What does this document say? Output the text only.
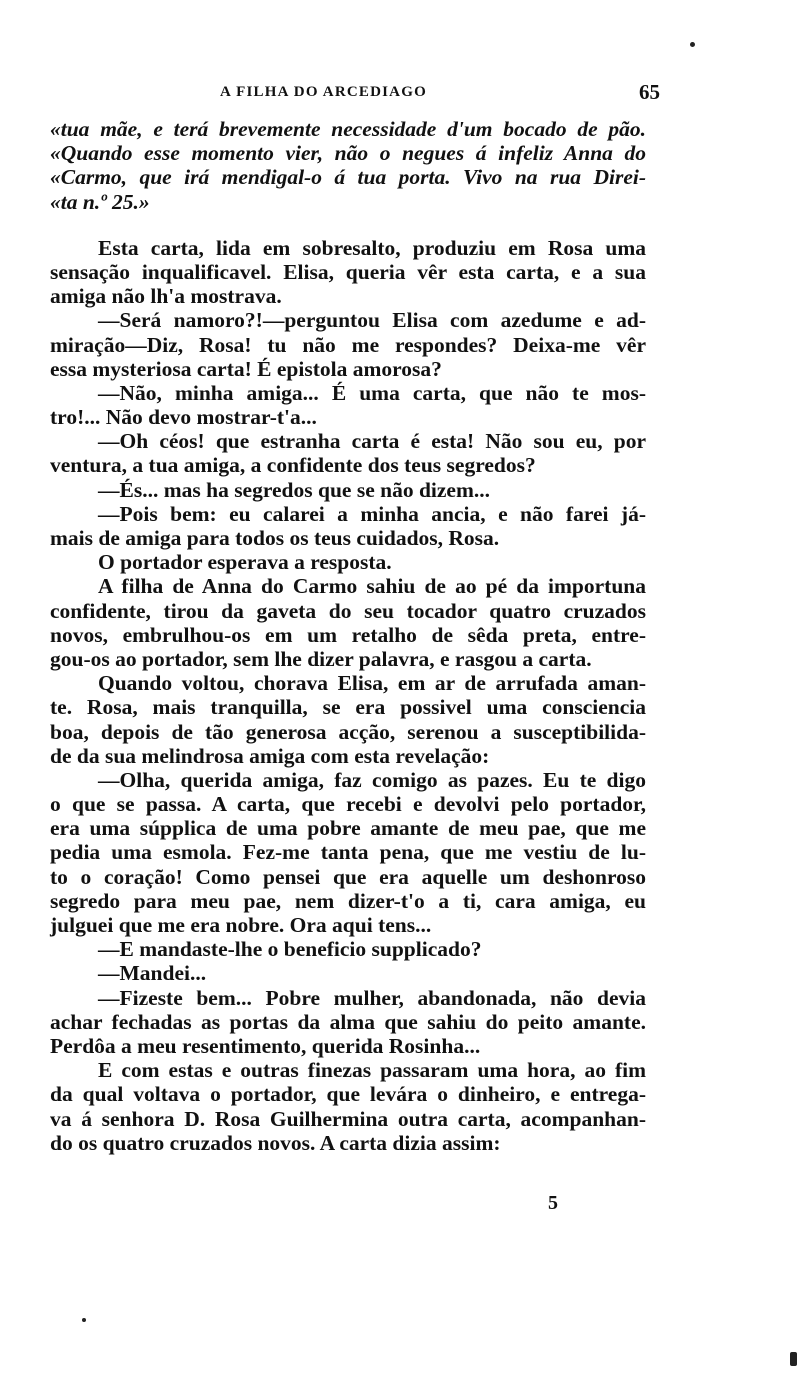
A FILHA DO ARCEDIAGO	65
«tua mãe, e terá brevemente necessidade d'um bocado de pão.
«Quando esse momento vier, não o negues á infeliz Anna do
«Carmo, que irá mendigal-o á tua porta. Vivo na rua Direi-
«ta n.º 25.»
Esta carta, lida em sobresalto, produziu em Rosa uma
sensação inqualificavel. Elisa, queria vêr esta carta, e a sua
amiga não lh'a mostrava.
—Será namoro?!—perguntou Elisa com azedume e ad-
miração—Diz, Rosa! tu não me respondes? Deixa-me vêr
essa mysteriosa carta! É epistola amorosa?
—Não, minha amiga... É uma carta, que não te mos-
tro!... Não devo mostrar-t'a...
—Oh céos! que estranha carta é esta! Não sou eu, por
ventura, a tua amiga, a confidente dos teus segredos?
—És... mas ha segredos que se não dizem...
—Pois bem: eu calarei a minha ancia, e não farei já-
mais de amiga para todos os teus cuidados, Rosa.
O portador esperava a resposta.
A filha de Anna do Carmo sahiu de ao pé da importuna
confidente, tirou da gaveta do seu tocador quatro cruzados
novos, embrulhou-os em um retalho de sêda preta, entre-
gou-os ao portador, sem lhe dizer palavra, e rasgou a carta.
Quando voltou, chorava Elisa, em ar de arrufada aman-
te. Rosa, mais tranquilla, se era possivel uma consciencia
boa, depois de tão generosa acção, serenou a susceptibilida-
de da sua melindrosa amiga com esta revelação:
—Olha, querida amiga, faz comigo as pazes. Eu te digo
o que se passa. A carta, que recebi e devolvi pelo portador,
era uma súpplica de uma pobre amante de meu pae, que me
pedia uma esmola. Fez-me tanta pena, que me vestiu de lu-
to o coração! Como pensei que era aquelle um deshonroso
segredo para meu pae, nem dizer-t'o a ti, cara amiga, eu
julguei que me era nobre. Ora aqui tens...
—E mandaste-lhe o beneficio supplicado?
—Mandei...
—Fizeste bem... Pobre mulher, abandonada, não devia
achar fechadas as portas da alma que sahiu do peito amante.
Perdôa a meu resentimento, querida Rosinha...
E com estas e outras finezas passaram uma hora, ao fim
da qual voltava o portador, que levára o dinheiro, e entrega-
va á senhora D. Rosa Guilhermina outra carta, acompanhan-
do os quatro cruzados novos. A carta dizia assim:
5
